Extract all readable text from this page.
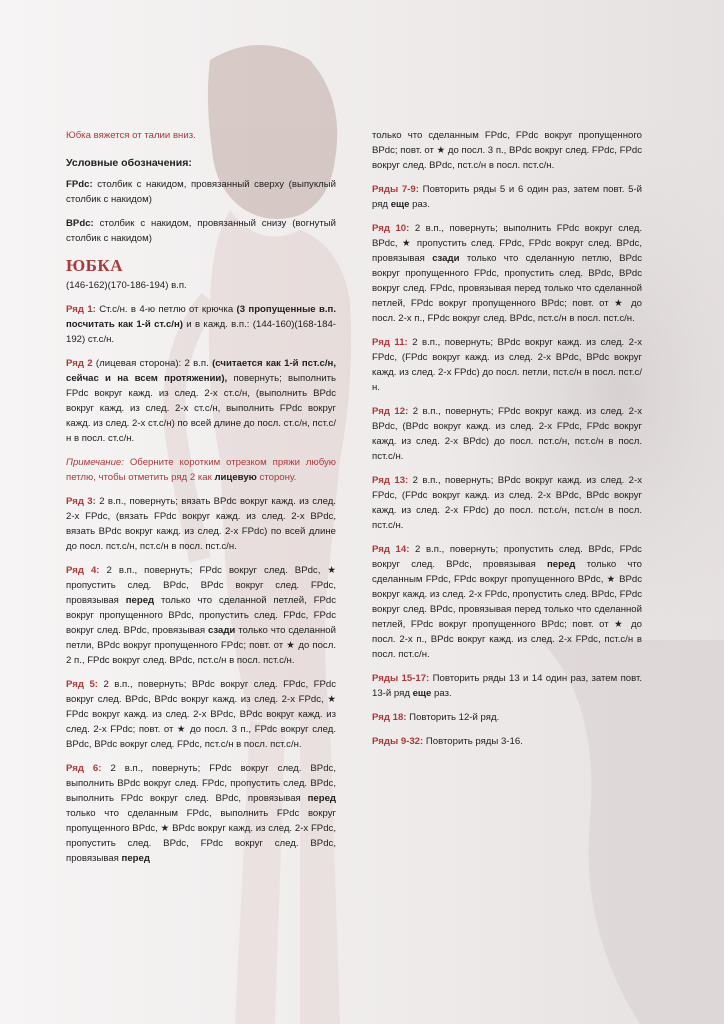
Юбка вяжется от талии вниз.

Условные обозначения:

FPdc: столбик с накидом, провязанный сверху (выпуклый столбик с накидом)

BPdc: столбик с накидом, провязанный снизу (вогнутый столбик с накидом)

ЮБКА

(146-162)(170-186-194) в.п.

Ряд 1: Ст.с/н. в 4-ю петлю от крючка (3 пропущенные в.п. посчитать как 1-й ст.с/н) и в кажд. в.п.: (144-160)(168-184-192) ст.с/н.

Ряд 2 (лицевая сторона): 2 в.п. (считается как 1-й пст.с/н, сейчас и на всем протяжении), повернуть; выполнить FPdc вокруг кажд. из след. 2-х ст.с/н, (выполнить BPdc вокруг кажд. из след. 2-х ст.с/н, выполнить FPdc вокруг кажд. из след. 2-х ст.с/н) по всей длине до посл. ст.с/н, пст.с/н в посл. ст.с/н.

Примечание: Оберните коротким отрезком пряжи любую петлю, чтобы отметить ряд 2 как лицевую сторону.

Ряд 3: 2 в.п., повернуть; вязать BPdc вокруг кажд. из след. 2-х FPdc, (вязать FPdc вокруг кажд. из след. 2-х BPdc, вязать BPdc вокруг кажд. из след. 2-х FPdc) по всей длине до посл. пст.с/н, пст.с/н в посл. пст.с/н.

Ряд 4: 2 в.п., повернуть; FPdc вокруг след. BPdc, ★ пропустить след. BPdc, BPdc вокруг след. FPdc, провязывая перед только что сделанной петлей, FPdc вокруг пропущенного BPdc, пропустить след. FPdc, FPdc вокруг след. BPdc, провязывая сзади только что сделанной петли, BPdc вокруг пропущенного FPdc; повт. от ★ до посл. 2 п., FPdc вокруг след. BPdc, пст.с/н в посл. пст.с/н.

Ряд 5: 2 в.п., повернуть; BPdc вокруг след. FPdc, FPdc вокруг след. BPdc, BPdc вокруг кажд. из след. 2-х FPdc, ★ FPdc вокруг кажд. из след. 2-х BPdc, BPdc вокруг кажд. из след. 2-х FPdc; повт. от ★ до посл. 3 п., FPdc вокруг след. BPdc, BPdc вокруг след. FPdc, пст.с/н в посл. пст.с/н.

Ряд 6: 2 в.п., повернуть; FPdc вокруг след. BPdc, выполнить BPdc вокруг след. FPdc, пропустить след. BPdc, выполнить FPdc вокруг след. BPdc, провязывая перед только что сделанным FPdc, выполнить FPdc вокруг пропущенного BPdc, ★ BPdc вокруг кажд. из след. 2-х FPdc, пропустить след. BPdc, FPdc вокруг след. BPdc, провязывая перед

только что сделанным FPdc, FPdc вокруг пропущенного BPdc; повт. от ★ до посл. 3 п., BPdc вокруг след. FPdc, FPdc вокруг след. BPdc, пст.с/н в посл. пст.с/н.

Ряды 7-9: Повторить ряды 5 и 6 один раз, затем повт. 5-й ряд еще раз.

Ряд 10: 2 в.п., повернуть; выполнить FPdc вокруг след. BPdc, ★ пропустить след. FPdc, FPdc вокруг след. BPdc, провязывая сзади только что сделанную петлю, BPdc вокруг пропущенного FPdc, пропустить след. BPdc, BPdc вокруг след. FPdc, провязывая перед только что сделанной петлей, FPdc вокруг пропущенного BPdc; повт. от ★ до посл. 2-х п., FPdc вокруг след. BPdc, пст.с/н в посл. пст.с/н.

Ряд 11: 2 в.п., повернуть; BPdc вокруг кажд. из след. 2-х FPdc, (FPdc вокруг кажд. из след. 2-х BPdc, BPdc вокруг кажд. из след. 2-х FPdc) до посл. петли, пст.с/н в посл. пст.с/н.

Ряд 12: 2 в.п., повернуть; FPdc вокруг кажд. из след. 2-х BPdc, (BPdc вокруг кажд. из след. 2-х FPdc, FPdc вокруг кажд. из след. 2-х BPdc) до посл. пст.с/н, пст.с/н в посл. пст.с/н.

Ряд 13: 2 в.п., повернуть; BPdc вокруг кажд. из след. 2-х FPdc, (FPdc вокруг кажд. из след. 2-х BPdc, BPdc вокруг кажд. из след. 2-х FPdc) до посл. пст.с/н, пст.с/н в посл. пст.с/н.

Ряд 14: 2 в.п., повернуть; пропустить след. BPdc, FPdc вокруг след. BPdc, провязывая перед только что сделанным FPdc, FPdc вокруг пропущенного BPdc, ★ BPdc вокруг кажд. из след. 2-х FPdc, пропустить след. BPdc, FPdc вокруг след. BPdc, провязывая перед только что сделанной петлей, FPdc вокруг пропущенного BPdc; повт. от ★ до посл. 2-х п., BPdc вокруг кажд. из след. 2-х FPdc, пст.с/н в посл. пст.с/н.

Ряды 15-17: Повторить ряды 13 и 14 один раз, затем повт. 13-й ряд еще раз.

Ряд 18: Повторить 12-й ряд.

Ряды 9-32: Повторить ряды 3-16.
